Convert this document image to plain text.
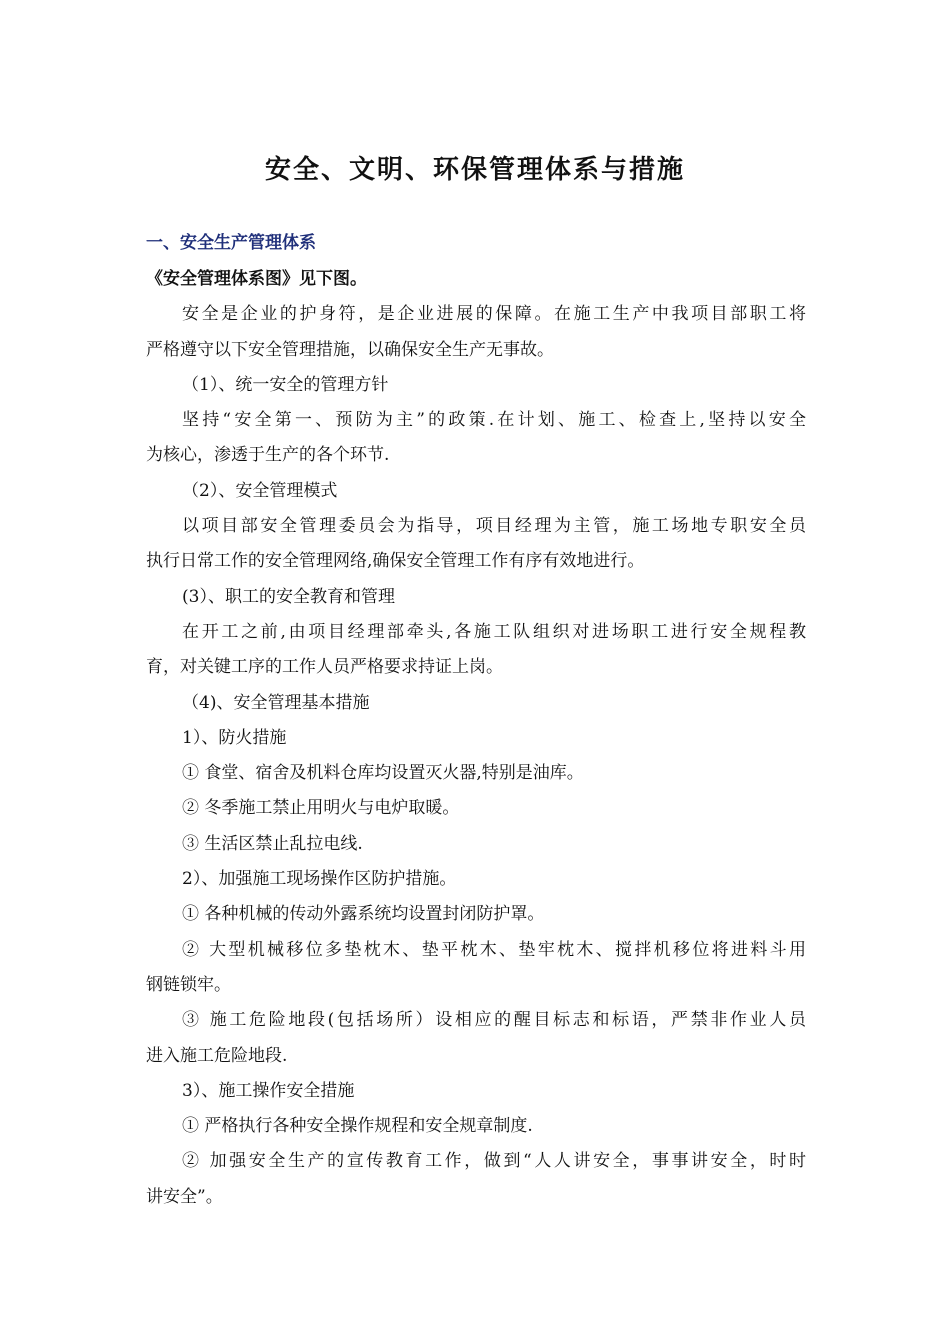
安全、文明、环保管理体系与措施
一、安全生产管理体系

《安全管理体系图》见下图。

安全是企业的护身符，是企业进展的保障。在施工生产中我项目部职工将

严格遵守以下安全管理措施，以确保安全生产无事故。

（1）、统一安全的管理方针

坚持“安全第一、预防为主”的政策.在计划、施工、检查上,坚持以安全

为核心，渗透于生产的各个环节.

（2）、安全管理模式

以项目部安全管理委员会为指导，项目经理为主管，施工场地专职安全员

执行日常工作的安全管理网络,确保安全管理工作有序有效地进行。

(3）、职工的安全教育和管理

在开工之前,由项目经理部牵头,各施工队组织对进场职工进行安全规程教

育，对关键工序的工作人员严格要求持证上岗。

（4)、安全管理基本措施

1）、防火措施

① 食堂、宿舍及机料仓库均设置灭火器,特别是油库。

② 冬季施工禁止用明火与电炉取暖。

③ 生活区禁止乱拉电线.

2）、加强施工现场操作区防护措施。

① 各种机械的传动外露系统均设置封闭防护罩。

② 大型机械移位多垫枕木、垫平枕木、垫牢枕木、搅拌机移位将进料斗用

钢链锁牢。

③ 施工危险地段(包括场所）设相应的醒目标志和标语，严禁非作业人员

进入施工危险地段.

3）、施工操作安全措施

① 严格执行各种安全操作规程和安全规章制度.

② 加强安全生产的宣传教育工作，做到“人人讲安全，事事讲安全，时时

讲安全”。
